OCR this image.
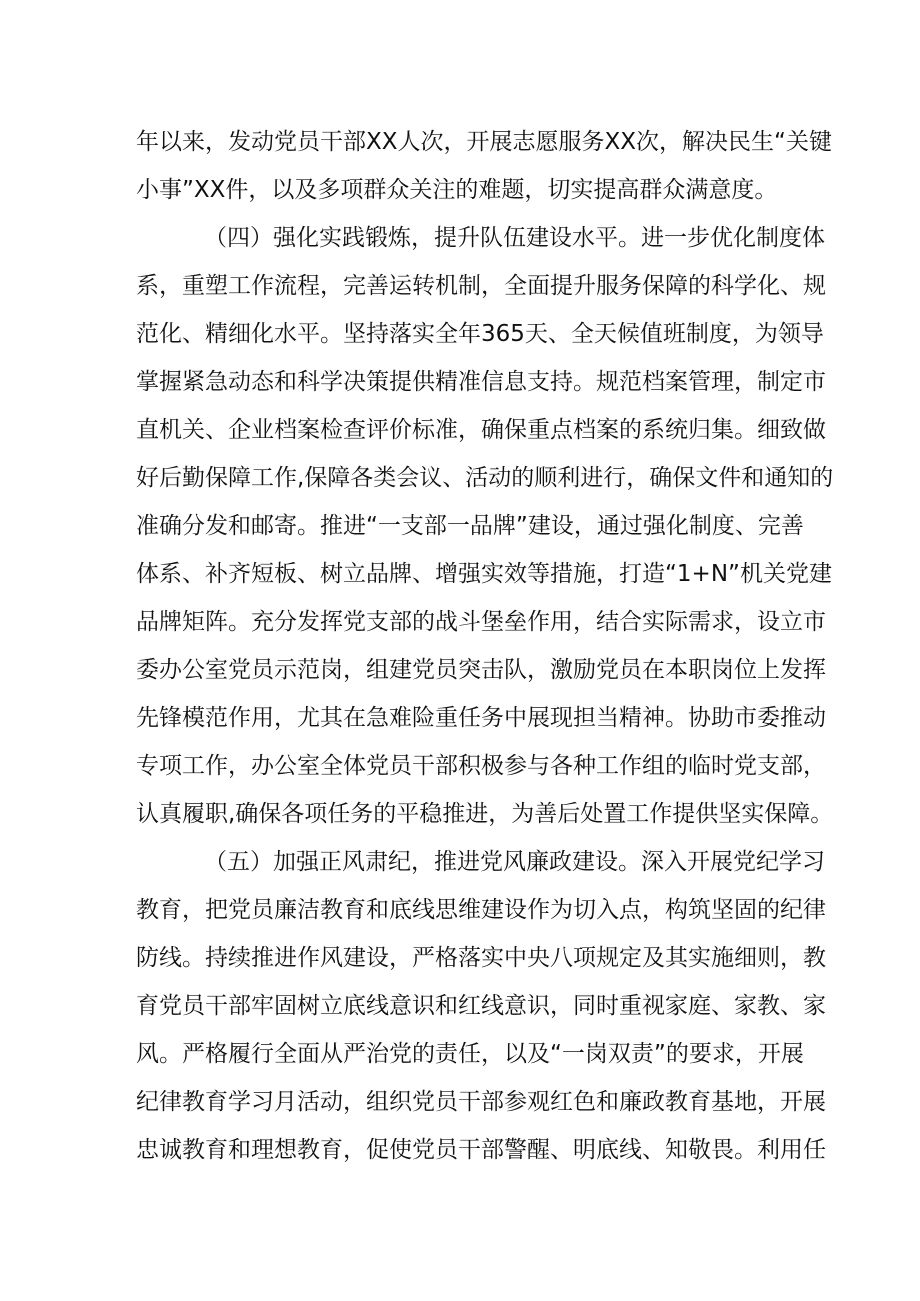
年以来，发动党员干部XX人次，开展志愿服务XX次，解决民生“关键
小事”XX件，以及多项群众关注的难题，切实提高群众满意度。
（四）强化实践锻炼，提升队伍建设水平。进一步优化制度体
系，重塑工作流程，完善运转机制，全面提升服务保障的科学化、规
范化、精细化水平。坚持落实全年365天、全天候值班制度，为领导
掌握紧急动态和科学决策提供精准信息支持。规范档案管理，制定市
直机关、企业档案检查评价标准，确保重点档案的系统归集。细致做
好后勤保障工作,保障各类会议、活动的顺利进行，确保文件和通知的
准确分发和邮寄。推进“一支部一品牌”建设，通过强化制度、完善
体系、补齐短板、树立品牌、增强实效等措施，打造“1+N”机关党建
品牌矩阵。充分发挥党支部的战斗堡垒作用，结合实际需求，设立市
委办公室党员示范岗，组建党员突击队，激励党员在本职岗位上发挥
先锋模范作用，尤其在急难险重任务中展现担当精神。协助市委推动
专项工作，办公室全体党员干部积极参与各种工作组的临时党支部，
认真履职,确保各项任务的平稳推进，为善后处置工作提供坚实保障。
（五）加强正风肃纪，推进党风廉政建设。深入开展党纪学习
教育，把党员廉洁教育和底线思维建设作为切入点，构筑坚固的纪律
防线。持续推进作风建设，严格落实中央八项规定及其实施细则，教
育党员干部牢固树立底线意识和红线意识，同时重视家庭、家教、家
风。严格履行全面从严治党的责任，以及“一岗双责”的要求，开展
纪律教育学习月活动，组织党员干部参观红色和廉政教育基地，开展
忠诚教育和理想教育，促使党员干部警醒、明底线、知敬畏。利用任
